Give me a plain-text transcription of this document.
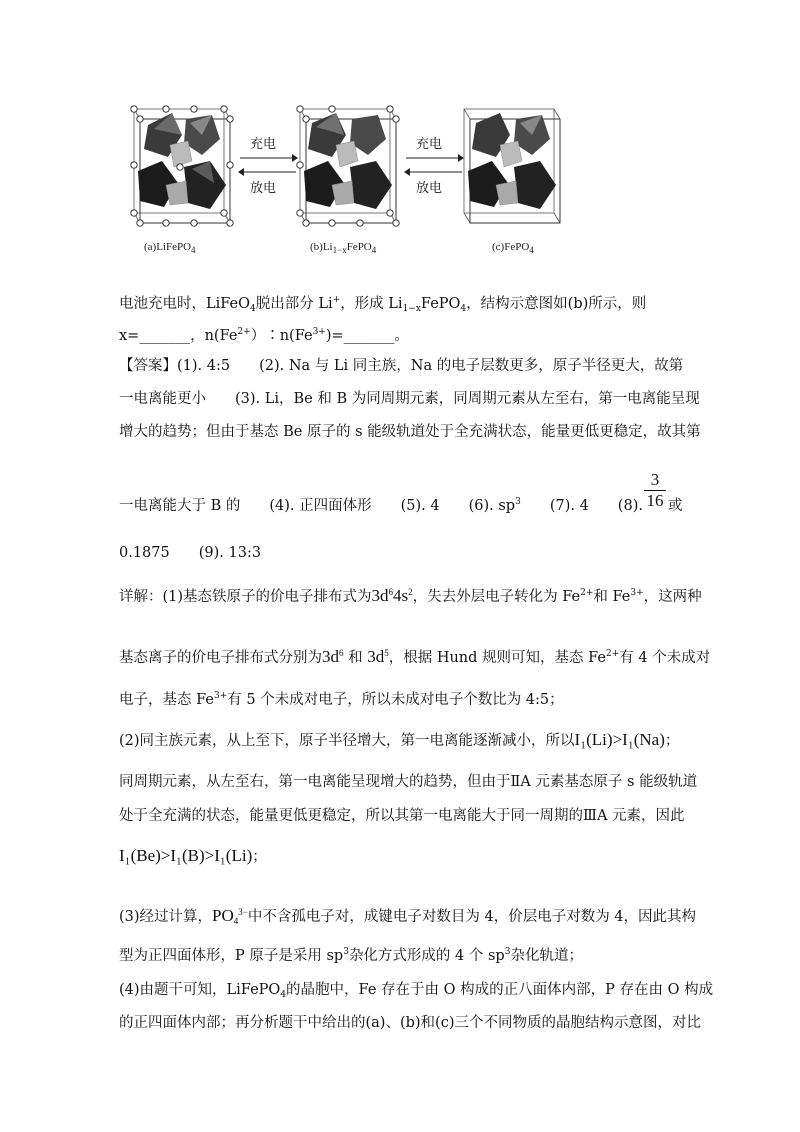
(a)LiFePO$_4$
充电
放电
$(b)Li_{1-x}FePO_4$
充电
放电
(c)FePO$_4$
电池充电时，LiFeO$_4$脱出部分 Li+，形成 $Li_{1-x}FePO_4$，结构示意图如(b)所示，则
x=_______，$n(Fe^{2+})∶n(Fe^{3+})=\_\_\_\_\_\_\_$。
【答案】(1). 4:5　　(2). Na 与 Li 同主族，Na 的电子层数更多，原子半径更大，故第
一电离能更小　　(3). Li，Be 和 B 为同周期元素，同周期元素从左至右，第一电离能呈现
增大的趋势；但由于基态 Be 原子的 s 能级轨道处于全充满状态，能量更低更稳定，故其第
一电离能大于 B 的　　(4). 正四面体形　　(5). 4　　(6). $sp^3$　　(7). 4　　(8).
3
16 或
0.1875　　(9). 13:3
详解：(1)基态铁原子的价电子排布式为$3d^64s^2$，失去外层电子转化为 $Fe^{2+}$和 $Fe^{3+}$，这两种
基态离子的价电子排布式分别为$3d^6$ 和 $3d^5$，根据 Hund 规则可知，基态 $Fe^{2+}$有 4 个未成对
电子，基态 $Fe^{3+}$有 5 个未成对电子，所以未成对电子个数比为 4:5；
(2)同主族元素，从上至下，原子半径增大，第一电离能逐渐减小，所以I₁(Li)>I₁(Na)；
同周期元素，从左至右，第一电离能呈现增大的趋势，但由于ⅡA 元素基态原子 s 能级轨道
处于全充满的状态，能量更低更稳定，所以其第一电离能大于同一周期的ⅢA 元素，因此
I₁(Be)>I₁(B)>I₁(Li)；
(3)经过计算，$PO_4^{3-}$中不含孤电子对，成键电子对数目为 4，价层电子对数为 4，因此其构
型为正四面体形，P 原子是采用 $sp^3$杂化方式形成的 4 个 $sp^3$杂化轨道；
(4)由题干可知，LiFePO$_4$的晶胞中，Fe 存在于由 O 构成的正八面体内部，P 存在由 O 构成
的正四面体内部；再分析题干中给出的(a)、(b)和(c)三个不同物质的晶胞结构示意图，对比
